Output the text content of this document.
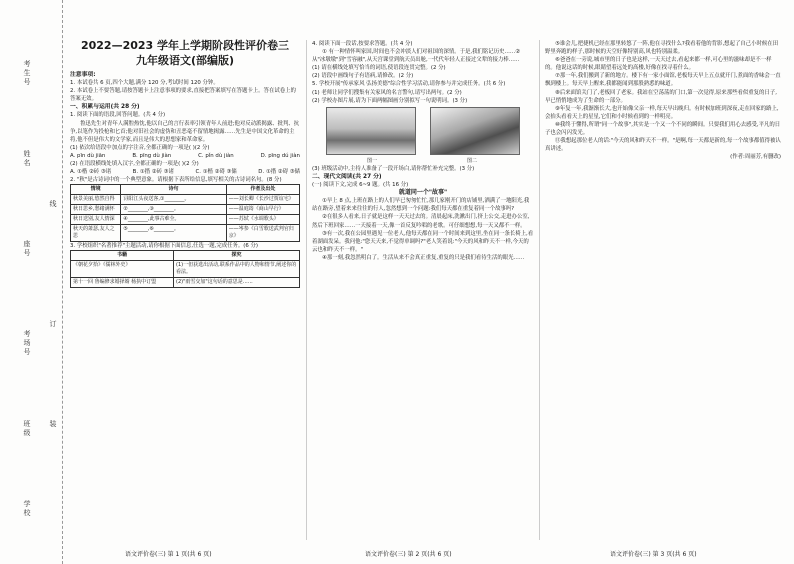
考生号
姓名
座号
考场号
班级
学校
线
订
装
2022—2023 学年上学期阶段性评价卷三
九年级语文(部编版)

注意事项:

1. 本试卷共 6 页,四个大题,满分 120 分,考试时间 120 分钟。

2. 本试卷上不要答题,请按答题卡上注意事项的要求,直接把答案填写在答题卡上。答在试卷上的答案无效。

一、积累与运用(共 28 分)

1. 阅读下面的语段,回答问题。(共 4 分)

鲁迅先生对青年人满腔热忱,他以自己的言行表率引领青年人前进;他对反动派揭露、批判、抗争,以笔作为投枪和匕首;他对旧社会的虚伪和丑恶毫不留情地揭露……先生是中国文化革命的主将,他不但是伟大的文学家,而且是伟大的思想家和革命家。

(1) 依次给语段中加点的字注音,全都正确的一项是( )(2 分)

A. pīn dù jiān	B. pīng dù jiàn	C. pǐn dù jiàn	D. pīng dú jiàn

(2) 在语段横线处填入汉字,全都正确的一项是( )(2 分)

A. ①楷 ②砖 ③诸	B. ①揩 ②砖 ③诸	C. ①楷 ②碍 ③储	D. ①揩 ②碍 ③储

2. "秋"是古诗词中的一个典型意象。请根据下表所给信息,填写相关的古诗词名句。(8 分)

情境	诗句	作者及出处
秋景美丽,悠然自得	浔阳江头夜送客,①________。	——刘长卿《长沙过贾谊宅》
秋日思乡,愁绪满怀	②________,③________。	——温庭筠《商山早行》
秋日送别,友人情深	④________,此事古难全。	——苏轼《水调歌头》
秋天的萧瑟,友人之思	⑤________,⑥________。	——岑参《白雪歌送武判官归京》

3. 学校组织"名著推荐"主题活动,请你根据下面信息,任选一题,完成任务。(6 分)

书籍	探究
《朝花夕拾》《儒林外史》	(1)一但获选出活动,联系作品中的人物和情节,阐述你的看法。
第十一回 鲁编修求婚择婿 杨执中订盟	(2)"雨雪交加"这句话的意思是……

4. 阅读下面一段话,按要求答题。(共 4 分)

① 有一种情怀叫家国,时间也不会冲淡人们对祖国的深情。于是,我们铭记历史……② 从"冰墩墩"到"雪容融",从天宫课堂到航天员出舱,一代代年轻人正接过父辈的接力棒……

(1) 请在横线处填写恰当的词语,使语段连贯完整。(2 分)

(2) 语段中画线句子有语病,请修改。(2 分)

5. 学校开展"传承家风 弘扬美德"综合性学习活动,请你参与并完成任务。(共 6 分)

(1) 老师让同学们搜集有关家风的名言警句,请写出两句。(2 分)

(2) 学校办图片展,请为下面两幅图画分别拟写一句说明词。(3 分)

图一	图二

(3) 班级活动中,主持人准备了一段开场白,请你帮忙补充完整。(3 分)

二、现代文阅读(共 27 分)

(一) 阅读下文,完成 6~9 题。(共 16 分)

就道同一个"故事"

①早上 8 点,上班在路上的人们早已匆匆忙忙,那几家刚开门的店铺里,洒满了一地阳光,我站在路旁,望着来来往往的行人,忽然想到一个问题:我们每天都在重复着同一个故事吗?

②在很多人看来,日子就是这样一天天过去的。清晨起床,洗漱出门,挤上公交,走进办公室,然后下班回家……一天接着一天,像一首反复吟唱的老歌。可仔细想想,每一天又都不一样。

③有一次,我在公园里遇见一位老人,他每天都在同一个时间来到这里,坐在同一条长椅上,看着湖面发呆。我问他:"您天天来,不觉得单调吗?"老人笑着说:"今天的风和昨天不一样,今天的云也和昨天不一样。"

④那一刻,我忽然明白了。生活从来不会真正重复,重复的只是我们看待生活的眼光……

⑤谁会儿,把捷机已经在那里转悠了一阵,他在寻找什么?我看着他的背影,想起了自己小时候在田野里奔跑的样子,那时候的天空好像特别高,风也特别温柔。

⑥爸爸在一旁说,城市里的日子也是这样,一天天过去,看起来都一样,可心里的滋味却是不一样的。他说这话的时候,眼睛望着远处的高楼,好像在找寻着什么。

⑦那一年,我们搬到了新的地方。楼下有一家小面馆,老板每天早上五点就开门,煮面的香味会一直飘到楼上。每天早上醒来,我都能闻到那股熟悉的味道。

⑧后来面馆关门了,老板回了老家。我站在空荡荡的门口,第一次觉得,原来那些看似重复的日子,早已悄悄地成为了生命的一部分。

⑨年复一年,我渐渐长大,也开始像父亲一样,每天早出晚归。有时候加班到深夜,走在回家的路上,会抬头看看天上的星星,它们和小时候看到的一样明亮。

⑩我终于懂得,所谓"同一个故事",其实是一个又一个不同的瞬间。只要我们用心去感受,平凡的日子也会闪闪发光。

⑪我想起那位老人的话:"今天的风和昨天不一样。"是啊,每一天都是新的,每一个故事都值得被认真讲述。

(作者:周丽芳,有删改)

语文评价卷(三) 第 1 页(共 6 页)	语文评价卷(三) 第 2 页(共 6 页)	语文评价卷(三) 第 3 页(共 6 页)
